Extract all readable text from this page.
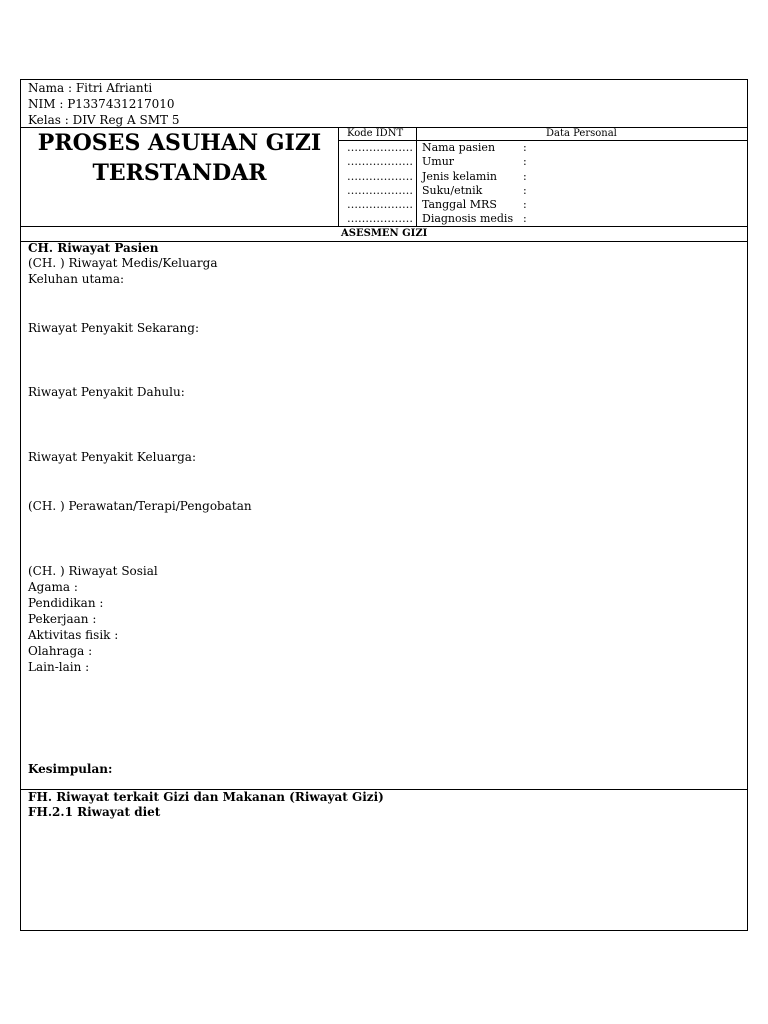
Nama : Fitri Afrianti
NIM : P1337431217010
Kelas : DIV Reg A SMT 5
PROSES ASUHAN GIZI
TERSTANDAR
Kode IDNT	Data Personal
……………… Nama pasien	:
……………… Umur	:
……………… Jenis kelamin :
……………… Suku/etnik	:
……………… Tanggal MRS :
……………… Diagnosis medis :
ASESMEN GIZI
CH. Riwayat Pasien
(CH. ) Riwayat Medis/Keluarga
Keluhan utama:
Riwayat Penyakit Sekarang:
Riwayat Penyakit Dahulu:
Riwayat Penyakit Keluarga:
(CH. ) Perawatan/Terapi/Pengobatan
(CH. ) Riwayat Sosial
Agama :
Pendidikan :
Pekerjaan :
Aktivitas fisik :
Olahraga :
Lain-lain :
Kesimpulan:
FH. Riwayat terkait Gizi dan Makanan (Riwayat Gizi)
FH.2.1 Riwayat diet
